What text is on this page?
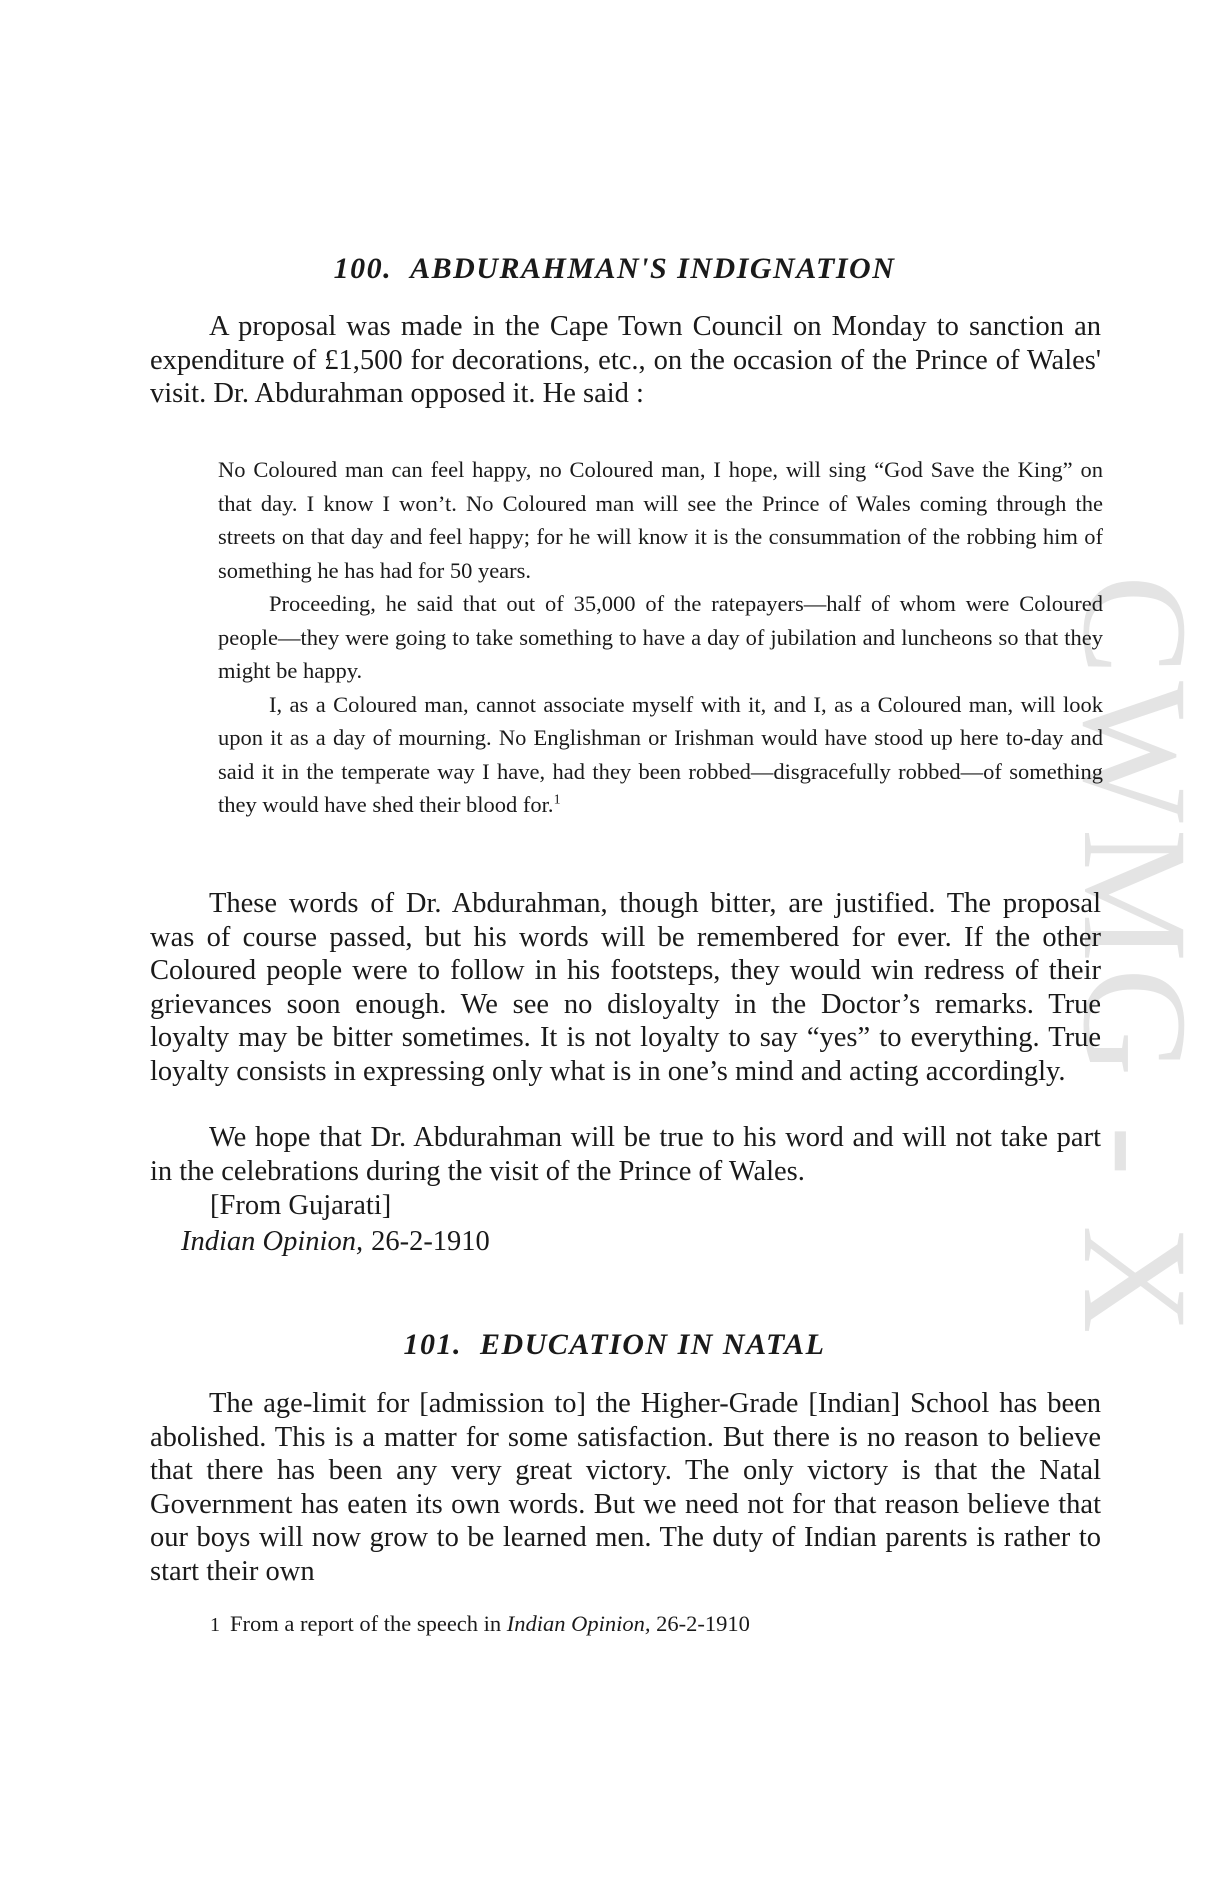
CWMG - X
100. ABDURAHMAN'S INDIGNATION

A proposal was made in the Cape Town Council on Monday to sanction an expenditure of £1,500 for decorations, etc., on the occasion of the Prince of Wales' visit. Dr. Abdurahman opposed it. He said :

No Coloured man can feel happy, no Coloured man, I hope, will sing “God Save the King” on that day. I know I won’t. No Coloured man will see the Prince of Wales coming through the streets on that day and feel happy; for he will know it is the consummation of the robbing him of something he has had for 50 years.

Proceeding, he said that out of 35,000 of the ratepayers—half of whom were Coloured people—they were going to take something to have a day of jubilation and luncheons so that they might be happy.

I, as a Coloured man, cannot associate myself with it, and I, as a Coloured man, will look upon it as a day of mourning. No Englishman or Irishman would have stood up here to-day and said it in the temperate way I have, had they been robbed—disgracefully robbed—of something they would have shed their blood for.$^1$

These words of Dr. Abdurahman, though bitter, are justified. The proposal was of course passed, but his words will be remembered for ever. If the other Coloured people were to follow in his footsteps, they would win redress of their grievances soon enough. We see no disloyalty in the Doctor’s remarks. True loyalty may be bitter sometimes. It is not loyalty to say “yes” to everything. True loyalty consists in expressing only what is in one’s mind and acting accordingly.

We hope that Dr. Abdurahman will be true to his word and will not take part in the celebrations during the visit of the Prince of Wales.

[From Gujarati]

Indian Opinion, 26-2-1910

101. EDUCATION IN NATAL

The age-limit for [admission to] the Higher-Grade [Indian] School has been abolished. This is a matter for some satisfaction. But there is no reason to believe that there has been any very great victory. The only victory is that the Natal Government has eaten its own words. But we need not for that reason believe that our boys will now grow to be learned men. The duty of Indian parents is rather to start their own

1 From a report of the speech in Indian Opinion, 26-2-1910
